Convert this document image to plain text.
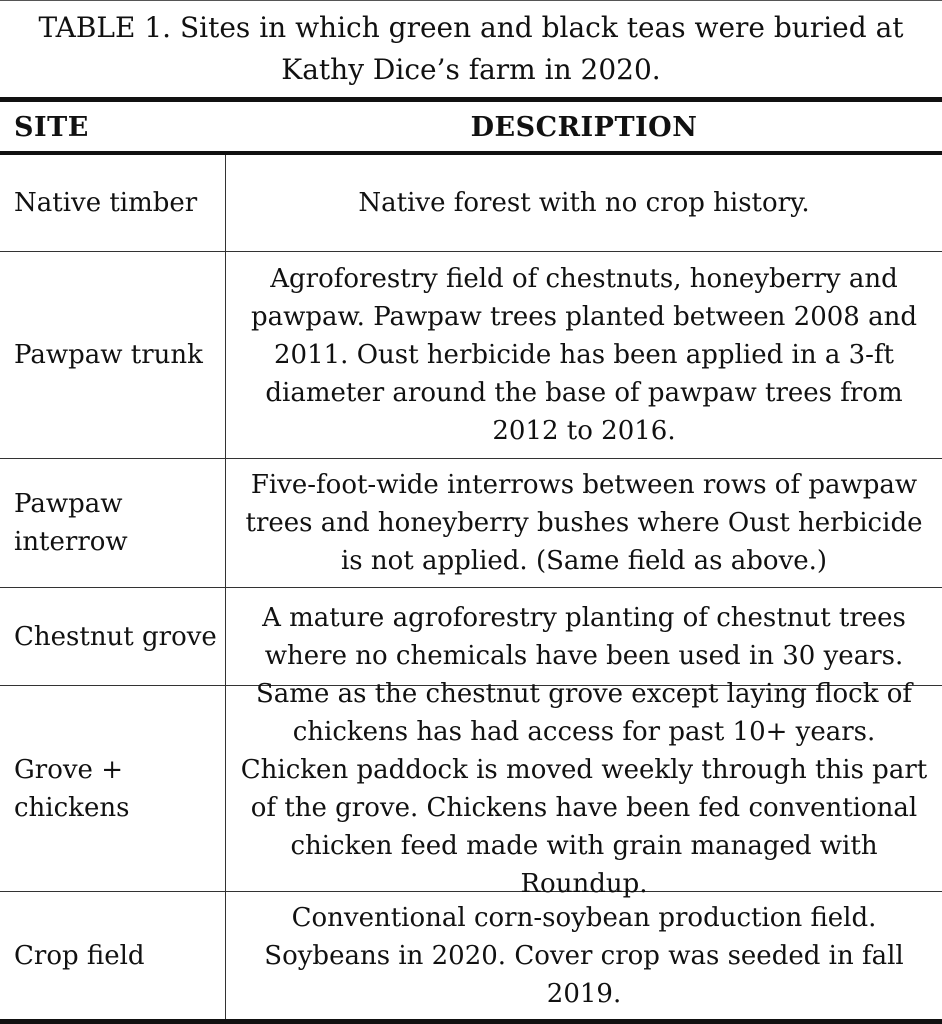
TABLE 1. Sites in which green and black teas were buried at Kathy Dice’s farm in 2020.
SITE	DESCRIPTION
Native timber	Native forest with no crop history.
Pawpaw trunk
Agroforestry field of chestnuts, honeyberry and pawpaw. Pawpaw trees planted between 2008 and 2011. Oust herbicide has been applied in a 3-ft diameter around the base of pawpaw trees from 2012 to 2016.
Pawpaw interrow
Five-foot-wide interrows between rows of pawpaw trees and honeyberry bushes where Oust herbicide is not applied. (Same field as above.)
Chestnut grove
A mature agroforestry planting of chestnut trees where no chemicals have been used in 30 years.
Grove + chickens
Same as the chestnut grove except laying flock of chickens has had access for past 10+ years. Chicken paddock is moved weekly through this part of the grove. Chickens have been fed conventional chicken feed made with grain managed with Roundup.
Crop field
Conventional corn-soybean production field. Soybeans in 2020. Cover crop was seeded in fall 2019.
